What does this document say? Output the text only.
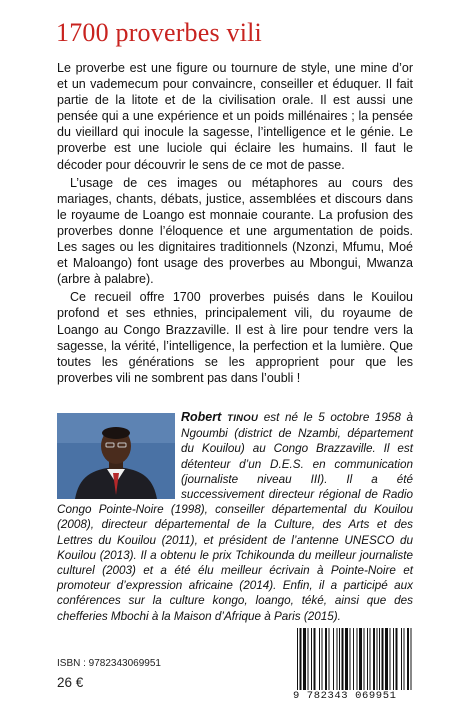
1700 proverbes vili

Le proverbe est une figure ou tournure de style, une mine d’or et un vademecum pour convaincre, conseiller et éduquer. Il fait partie de la litote et de la civilisation orale. Il est aussi une pensée qui a une expérience et un poids millénaires ; la pensée du vieillard qui inocule la sagesse, l’intelligence et le génie. Le proverbe est une luciole qui éclaire les humains. Il faut le décoder pour découvrir le sens de ce mot de passe.

L’usage de ces images ou métaphores au cours des mariages, chants, débats, justice, assemblées et discours dans le royaume de Loango est monnaie courante. La profusion des proverbes donne l’éloquence et une argumentation de poids. Les sages ou les dignitaires traditionnels (Nzonzi, Mfumu, Moé et Maloango) font usage des proverbes au Mbongui, Mwanza (arbre à palabre).

Ce recueil offre 1700 proverbes puisés dans le Kouilou profond et ses ethnies, principalement vili, du royaume de Loango au Congo Brazzaville. Il est à lire pour tendre vers la sagesse, la vérité, l’intelligence, la perfection et la lumière. Que toutes les générations se les approprient pour que les proverbes vili ne sombrent pas dans l’oubli !

Robert TINOU est né le 5 octobre 1958 à Ngoumbi (district de Nzambi, département du Kouilou) au Congo Brazzaville. Il est détenteur d’un D.E.S. en communication (journaliste niveau III). Il a été successivement directeur régional de Radio Congo Pointe-Noire (1998), conseiller départemental du Kouilou (2008), directeur départemental de la Culture, des Arts et des Lettres du Kouilou (2011), et président de l’antenne UNESCO du Kouilou (2013). Il a obtenu le prix Tchikounda du meilleur journaliste culturel (2003) et a été élu meilleur écrivain à Pointe-Noire et promoteur d’expression africaine (2014). Enfin, il a participé aux conférences sur la culture kongo, loango, téké, ainsi que des chefferies Mbochi à la Maison d’Afrique à Paris (2015).
ISBN : 9782343069951
26 €
9 782343 069951
